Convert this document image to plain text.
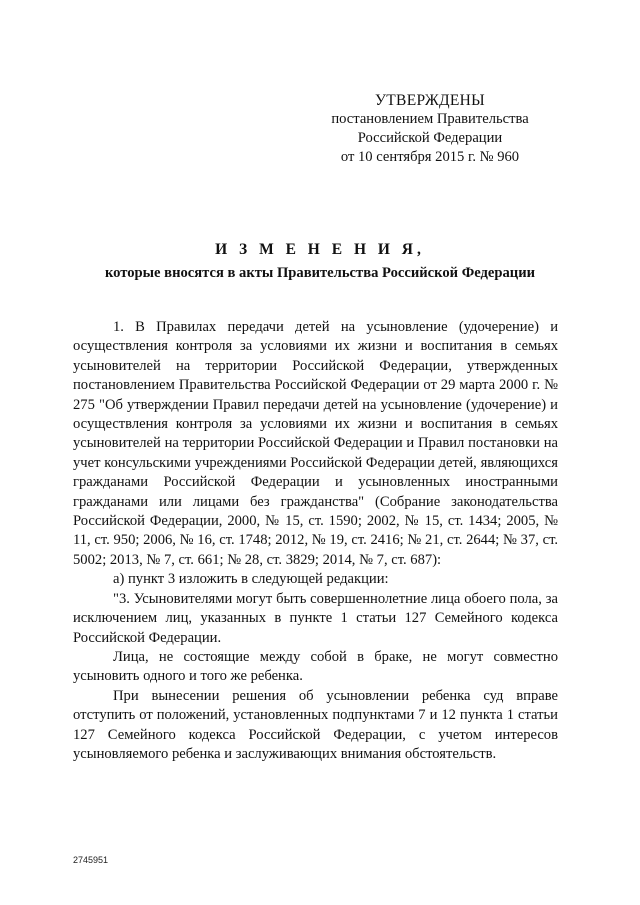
УТВЕРЖДЕНЫ
постановлением Правительства
Российской Федерации
от 10 сентября 2015 г. № 960
И З М Е Н Е Н И Я,
которые вносятся в акты Правительства Российской Федерации

1. В Правилах передачи детей на усыновление (удочерение) и осуществления контроля за условиями их жизни и воспитания в семьях усыновителей на территории Российской Федерации, утвержденных постановлением Правительства Российской Федерации от 29 марта 2000 г. № 275 "Об утверждении Правил передачи детей на усыновление (удочерение) и осуществления контроля за условиями их жизни и воспитания в семьях усыновителей на территории Российской Федерации и Правил постановки на учет консульскими учреждениями Российской Федерации детей, являющихся гражданами Российской Федерации и усыновленных иностранными гражданами или лицами без гражданства" (Собрание законодательства Российской Федерации, 2000, № 15, ст. 1590; 2002, № 15, ст. 1434; 2005, № 11, ст. 950; 2006, № 16, ст. 1748; 2012, № 19, ст. 2416; № 21, ст. 2644; № 37, ст. 5002; 2013, № 7, ст. 661; № 28, ст. 3829; 2014, № 7, ст. 687):

а) пункт 3 изложить в следующей редакции:

"3. Усыновителями могут быть совершеннолетние лица обоего пола, за исключением лиц, указанных в пункте 1 статьи 127 Семейного кодекса Российской Федерации.

Лица, не состоящие между собой в браке, не могут совместно усыновить одного и того же ребенка.

При вынесении решения об усыновлении ребенка суд вправе отступить от положений, установленных подпунктами 7 и 12 пункта 1 статьи 127 Семейного кодекса Российской Федерации, с учетом интересов усыновляемого ребенка и заслуживающих внимания обстоятельств.

2745951
